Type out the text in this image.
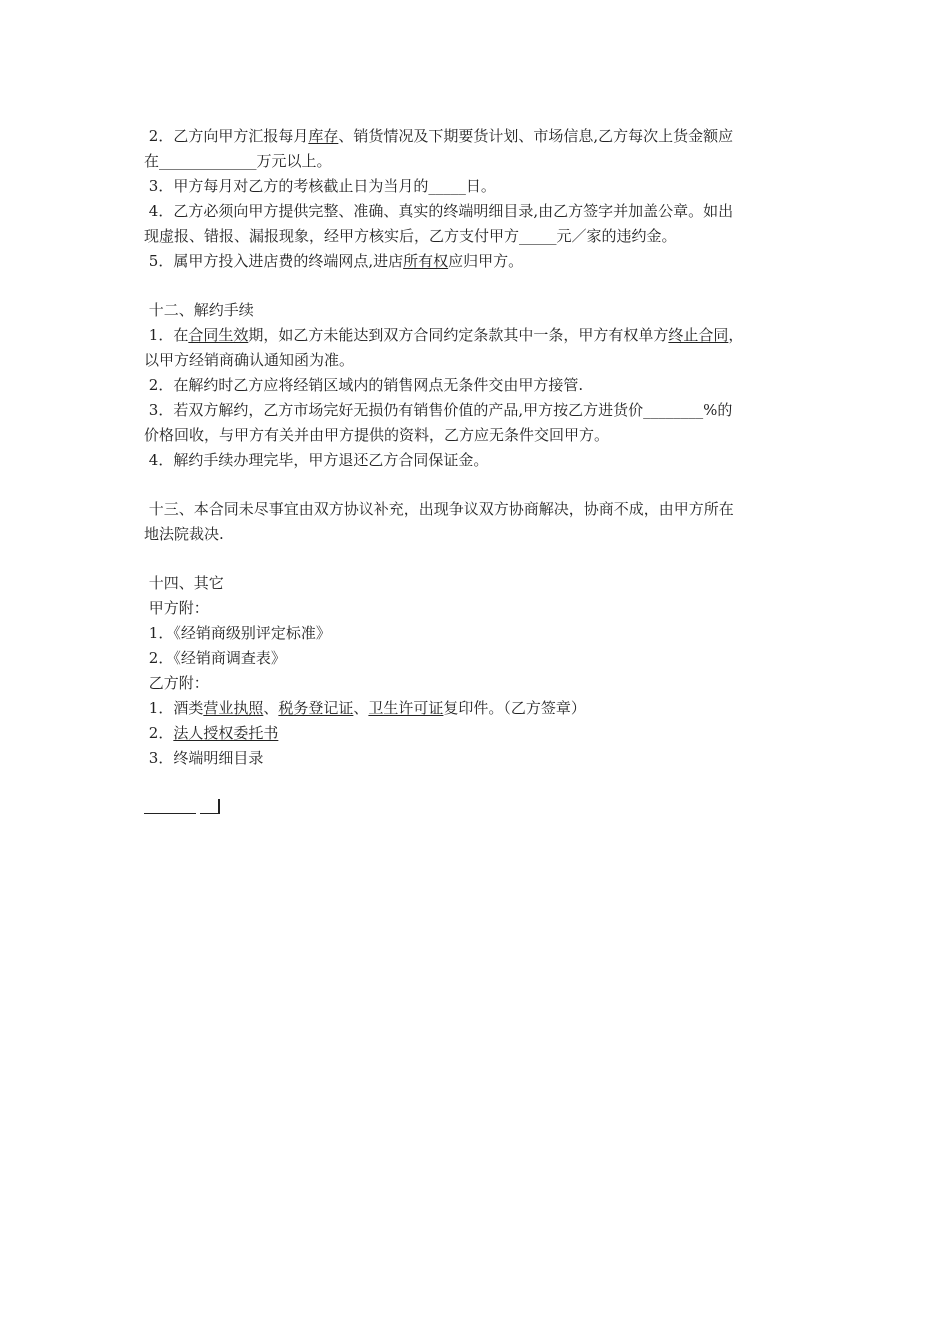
2．乙方向甲方汇报每月库存、销货情况及下期要货计划、市场信息,乙方每次上货金额应
在_____________万元以上。
3．甲方每月对乙方的考核截止日为当月的_____日。
4．乙方必须向甲方提供完整、准确、真实的终端明细目录,由乙方签字并加盖公章。如出
现虚报、错报、漏报现象，经甲方核实后，乙方支付甲方_____元／家的违约金。
5．属甲方投入进店费的终端网点,进店所有权应归甲方。
十二、解约手续
1．在合同生效期，如乙方未能达到双方合同约定条款其中一条，甲方有权单方终止合同，
以甲方经销商确认通知函为准。
2．在解约时乙方应将经销区域内的销售网点无条件交由甲方接管.
3．若双方解约，乙方市场完好无损仍有销售价值的产品,甲方按乙方进货价________%的
价格回收，与甲方有关并由甲方提供的资料，乙方应无条件交回甲方。
4．解约手续办理完毕，甲方退还乙方合同保证金。
十三、本合同未尽事宜由双方协议补充，出现争议双方协商解决，协商不成，由甲方所在
地法院裁决.
十四、其它
甲方附：
1．《经销商级别评定标准》
2．《经销商调查表》
乙方附：
1．酒类营业执照、税务登记证、卫生许可证复印件。（乙方签章）
2．法人授权委托书
3．终端明细目录
